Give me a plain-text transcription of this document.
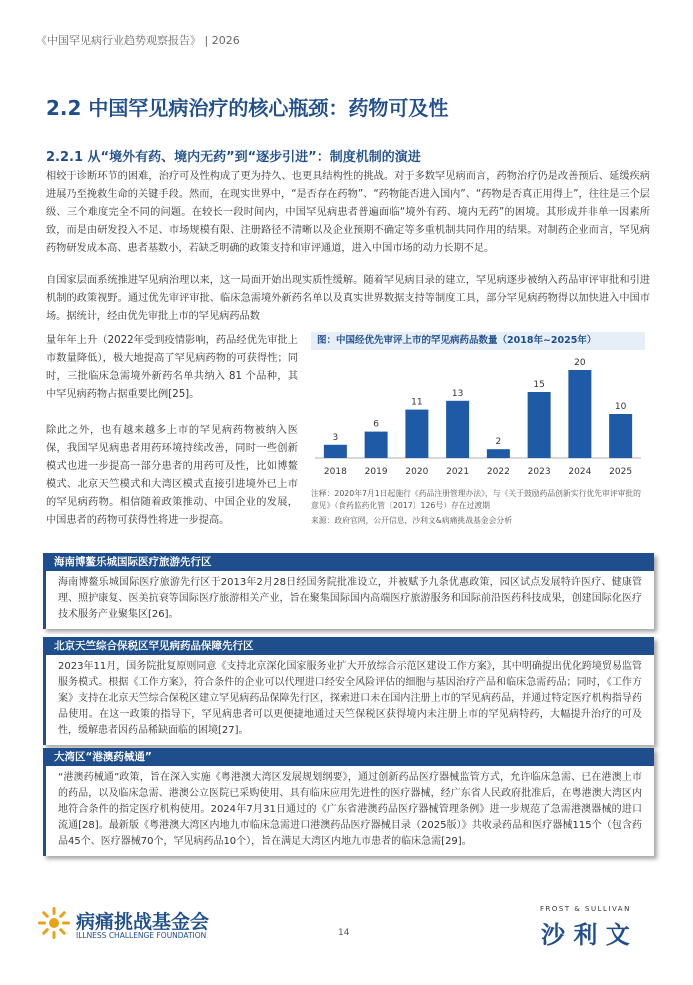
《中国罕见病行业趋势观察报告》 | 2026
2.2 中国罕见病治疗的核心瓶颈：药物可及性
2.2.1 从“境外有药、境内无药”到“逐步引进”：制度机制的演进
相较于诊断环节的困难，治疗可及性构成了更为持久、也更具结构性的挑战。对于多数罕见病而言，药物治疗仍是改善预后、延缓疾病进展乃至挽救生命的关键手段。然而，在现实世界中，“是否存在药物”、“药物能否进入国内”、“药物是否真正用得上”，往往是三个层级、三个难度完全不同的问题。在较长一段时间内，中国罕见病患者普遍面临“境外有药、境内无药”的困境。其形成并非单一因素所致，而是由研发投入不足、市场规模有限、注册路径不清晰以及企业预期不确定等多重机制共同作用的结果。对制药企业而言，罕见病药物研发成本高、患者基数小，若缺乏明确的政策支持和审评通道，进入中国市场的动力长期不足。
自国家层面系统推进罕见病治理以来，这一局面开始出现实质性缓解。随着罕见病目录的建立，罕见病逐步被纳入药品审评审批和引进机制的政策视野。通过优先审评审批、临床急需境外新药名单以及真实世界数据支持等制度工具，部分罕见病药物得以加快进入中国市场。据统计，经由优先审批上市的罕见病药品数
量年年上升（2022年受到疫情影响，药品经优先审批上市数量降低），极大地提高了罕见病药物的可获得性；同时，三批临床急需境外新药名单共纳入 81 个品种，其中罕见病药物占据重要比例[25]。
除此之外，也有越来越多上市的罕见病药物被纳入医保，我国罕见病患者用药环境持续改善，同时一些创新模式也进一步提高一部分患者的用药可及性，比如博鳌模式、北京天竺模式和大湾区模式直接引进境外已上市的罕见病药物。相信随着政策推动、中国企业的发展，中国患者的药物可获得性将进一步提高。
图：中国经优先审评上市的罕见病药品数量（2018年~2025年）
3
2018
6
2019
11
2020
13
2021
2
2022
15
2023
20
2024
10
2025
注释：2020年7月1日起施行《药品注册管理办法》，与《关于鼓励药品创新实行优先审评审批的意见》（食药监药化管〔2017〕126号）存在过渡期
来源：政府官网，公开信息，沙利文&病痛挑战基金会分析
海南博鳌乐城国际医疗旅游先行区
海南博鳌乐城国际医疗旅游先行区于2013年2月28日经国务院批准设立，并被赋予九条优惠政策，园区试点发展特许医疗、健康管理、照护康复、医美抗衰等国际医疗旅游相关产业，旨在聚集国际国内高端医疗旅游服务和国际前沿医药科技成果，创建国际化医疗技术服务产业聚集区[26]。
北京天竺综合保税区罕见病药品保障先行区
2023年11月，国务院批复原则同意《支持北京深化国家服务业扩大开放综合示范区建设工作方案》，其中明确提出优化跨境贸易监管服务模式。根据《工作方案》，符合条件的企业可以代理进口经安全风险评估的细胞与基因治疗产品和临床急需药品；同时，《工作方案》支持在北京天竺综合保税区建立罕见病药品保障先行区，探索进口未在国内注册上市的罕见病药品，并通过特定医疗机构指导药品使用。在这一政策的指导下，罕见病患者可以更便捷地通过天竺保税区获得境内未注册上市的罕见病特药，大幅提升治疗的可及性，缓解患者因药品稀缺面临的困境[27]。
大湾区“港澳药械通”
“港澳药械通”政策，旨在深入实施《粤港澳大湾区发展规划纲要》，通过创新药品医疗器械监管方式，允许临床急需、已在港澳上市的药品，以及临床急需、港澳公立医院已采购使用、具有临床应用先进性的医疗器械，经广东省人民政府批准后，在粤港澳大湾区内地符合条件的指定医疗机构使用。2024年7月31日通过的《广东省港澳药品医疗器械管理条例》进一步规范了急需港澳器械的进口流通[28]。最新版《粤港澳大湾区内地九市临床急需进口港澳药品医疗器械目录（2025版）》共收录药品和医疗器械115个（包含药品45个、医疗器械70个，罕见病药品10个），旨在满足大湾区内地九市患者的临床急需[29]。
病痛挑战基金会
ILLNESS CHALLENGE FOUNDATION	14
FROST & SULLIVAN
沙 利 文
